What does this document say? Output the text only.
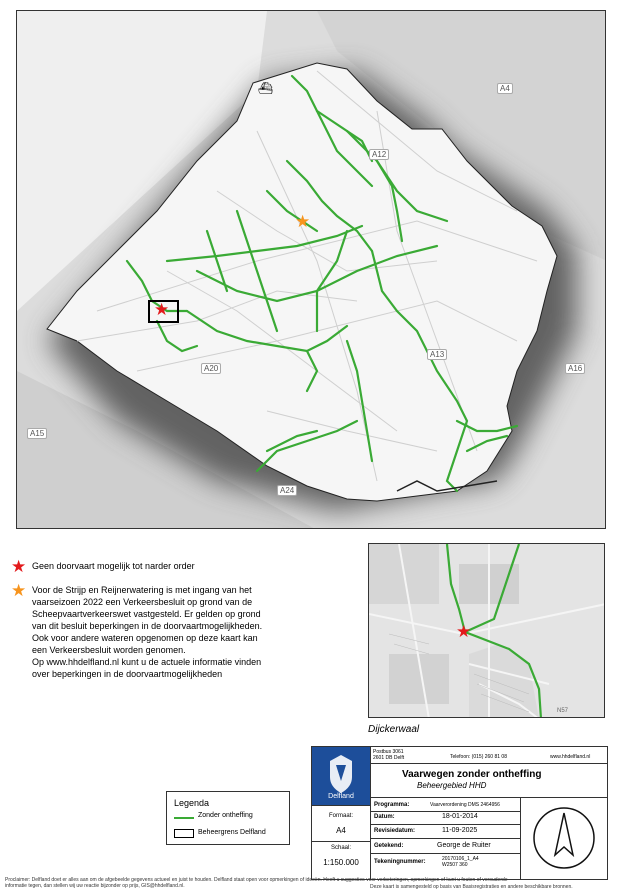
A4
A12
A13
A16
A20
A15
A24
★
★
⛴
★ Geen doorvaart mogelijk tot narder order
★ Voor de Strijp en Reijnerwatering is met ingang van het
vaarseizoen 2022 een Verkeersbesluit op grond van de
Scheepvaartverkeerswet vastgesteld. Er gelden op grond
van dit besluit beperkingen in de doorvaartmogelijkheden.
Ook voor andere wateren opgenomen op deze kaart kan
een Verkeersbesluit worden genomen.
Op www.hhdelfland.nl kunt u de actuele informatie vinden
over beperkingen in de doorvaartmogelijkheden
★
N57
Dijckerwaal
Legenda
Zonder ontheffing
Beheergrens Delfland
Delfland
Postbus 3061
2601 DB Delft	Telefoon: (015) 260 81 08	www.hhdelfland.nl
Vaarwegen zonder ontheffing
Beheergebied HHD
Formaat:
A4
Schaal:
1:150.000
Programma:	Vaarverordening DMS 2464956
Datum:	18-01-2014
Revisiedatum:	11-09-2025
Getekend:	George de Ruiter
Tekeningnummer:	20170106_1_A4
W2507 360
Proclaimer: Delfland doet er alles aan om de afgebeelde gegevens actueel en juist te houden. Delfland staat open voor opmerkingen of ideeën. Heeft u suggesties voor verbeteringen, opmerkingen of kunt u fouten of verouderde
informatie tegen, dan stellen wij uw reactie bijzonder op prijs, GIS@hhdelfland.nl.	Deze kaart is samengesteld op basis van Basisregistraties en andere beschikbare bronnen.
